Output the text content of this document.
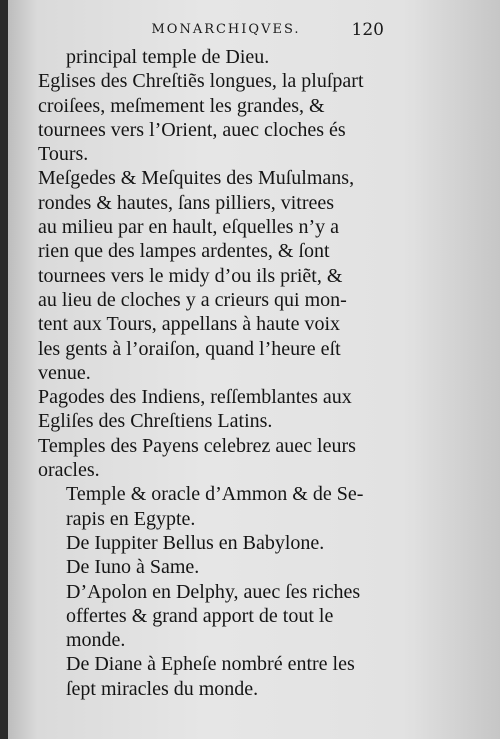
MONARCHIQVES.	120

principal temple de Dieu.

Eglises des Chreſtiẽs longues, la pluſpart
croiſees, meſmement les grandes, &
tournees vers l’Orient, auec cloches és
Tours.

Meſgedes & Meſquites des Muſulmans,
rondes & hautes, ſans pilliers, vitrees
au milieu par en hault, eſquelles n’y a
rien que des lampes ardentes, & ſont
tournees vers le midy d’ou ils priẽt, &
au lieu de cloches y a crieurs qui mon-
tent aux Tours, appellans à haute voix
les gents à l’oraiſon, quand l’heure eſt
venue.

Pagodes des Indiens, reſſemblantes aux
Egliſes des Chreſtiens Latins.

Temples des Payens celebrez auec leurs
oracles.

Temple & oracle d’Ammon & de Se-
rapis en Egypte.

De Iuppiter Bellus en Babylone.

De Iuno à Same.

D’Apolon en Delphy, auec ſes riches
offertes & grand apport de tout le
monde.

De Diane à Epheſe nombré entre les
ſept miracles du monde.
